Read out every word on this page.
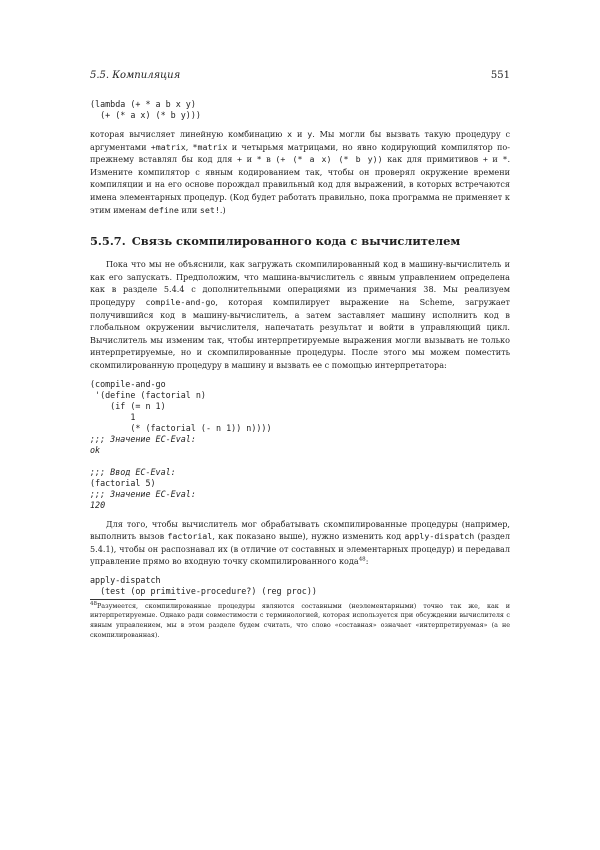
5.5. Компиляция	551
(lambda (+ * a b x y)
(+ (* a x) (* b y)))

которая вычисляет линейную комбинацию x и y. Мы могли бы вызвать такую процедуру с аргументами +matrix, *matrix и четырьмя матрицами, но явно кодирующий компилятор по-прежнему вставлял бы код для + и * в (+ (* a x) (* b y)) как для примитивов + и *. Измените компилятор с явным кодированием так, чтобы он проверял окружение времени компиляции и на его основе порождал правильный код для выражений, в которых встречаются имена элементарных процедур. (Код будет работать правильно, пока программа не применяет к этим именам define или set!.)

5.5.7. Связь скомпилированного кода с вычислителем

Пока что мы не объяснили, как загружать скомпилированный код в машину-вычислитель и как его запускать. Предположим, что машина-вычислитель с явным управлением определена как в разделе 5.4.4 с дополнительными операциями из примечания 38. Мы реализуем процедуру compile-and-go, которая компилирует выражение на Scheme, загружает получившийся код в машину-вычислитель, а затем заставляет машину исполнить код в глобальном окружении вычислителя, напечатать результат и войти в управляющий цикл. Вычислитель мы изменим так, чтобы интерпретируемые выражения могли вызывать не только интерпретируемые, но и скомпилированные процедуры. После этого мы можем поместить скомпилированную процедуру в машину и вызвать ее с помощью интерпретатора:

(compile-and-go
'(define (factorial n)
(if (= n 1)
1
(* (factorial (- n 1)) n))))
;;; Значение EC-Eval:
ok

;;; Ввод EC-Eval:
(factorial 5)
;;; Значение EC-Eval:
120

Для того, чтобы вычислитель мог обрабатывать скомпилированные процедуры (например, выполнить вызов factorial, как показано выше), нужно изменить код apply-dispatch (раздел 5.4.1), чтобы он распознавал их (в отличие от составных и элементарных процедур) и передавал управление прямо во входную точку скомпилированного кода$^{48}$:

apply-dispatch
(test (op primitive-procedure?) (reg proc))
$^{48}$Разумеется, скомпилированные процедуры являются составными (неэлементарными) точно так же, как и интерпретируемые. Однако ради совместимости с терминологией, которая используется при обсуждении вычислителя с явным управлением, мы в этом разделе будем считать, что слово «составная» означает «интерпретируемая» (а не скомпилированная).
